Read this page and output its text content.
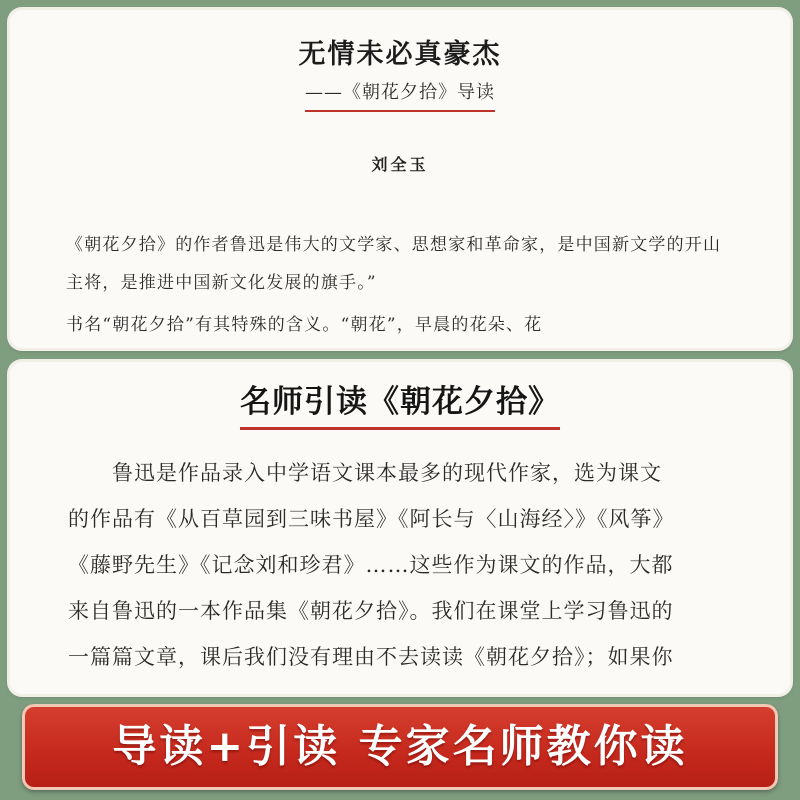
无情未必真豪杰
——《朝花夕拾》导读
刘全玉
《朝花夕拾》的作者鲁迅是伟大的文学家、思想家和革命家，是中国新文学的开山主将，是推进中国新文化发展的旗手。”
书名“朝花夕拾”有其特殊的含义。“朝花”，早晨的花朵、花
名师引读《朝花夕拾》
　　鲁迅是作品录入中学语文课本最多的现代作家，选为课文
的作品有《从百草园到三味书屋》《阿长与〈山海经〉》《风筝》
《藤野先生》《记念刘和珍君》……这些作为课文的作品，大都
来自鲁迅的一本作品集《朝花夕拾》。我们在课堂上学习鲁迅的
一篇篇文章，课后我们没有理由不去读读《朝花夕拾》；如果你
导读+引读 专家名师教你读
